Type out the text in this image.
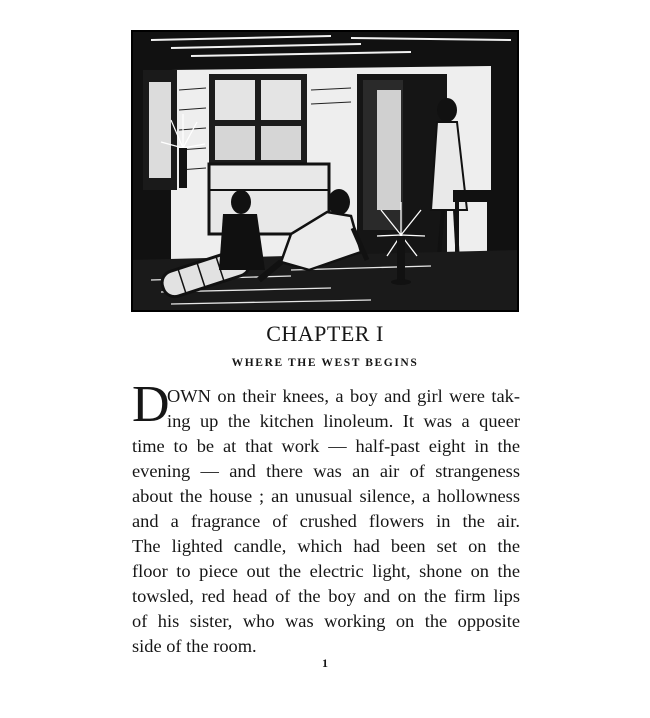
CHAPTER I
WHERE THE WEST BEGINS
D
OWN on their knees, a boy and girl were tak-
ing up the kitchen linoleum. It was a queer
time to be at that work — half-past eight in the
evening — and there was an air of strangeness
about the house ; an unusual silence, a hollowness
and a fragrance of crushed flowers in the air.
The lighted candle, which had been set on the
floor to piece out the electric light, shone on the
towsled, red head of the boy and on the firm lips
of his sister, who was working on the opposite
side of the room.
1
